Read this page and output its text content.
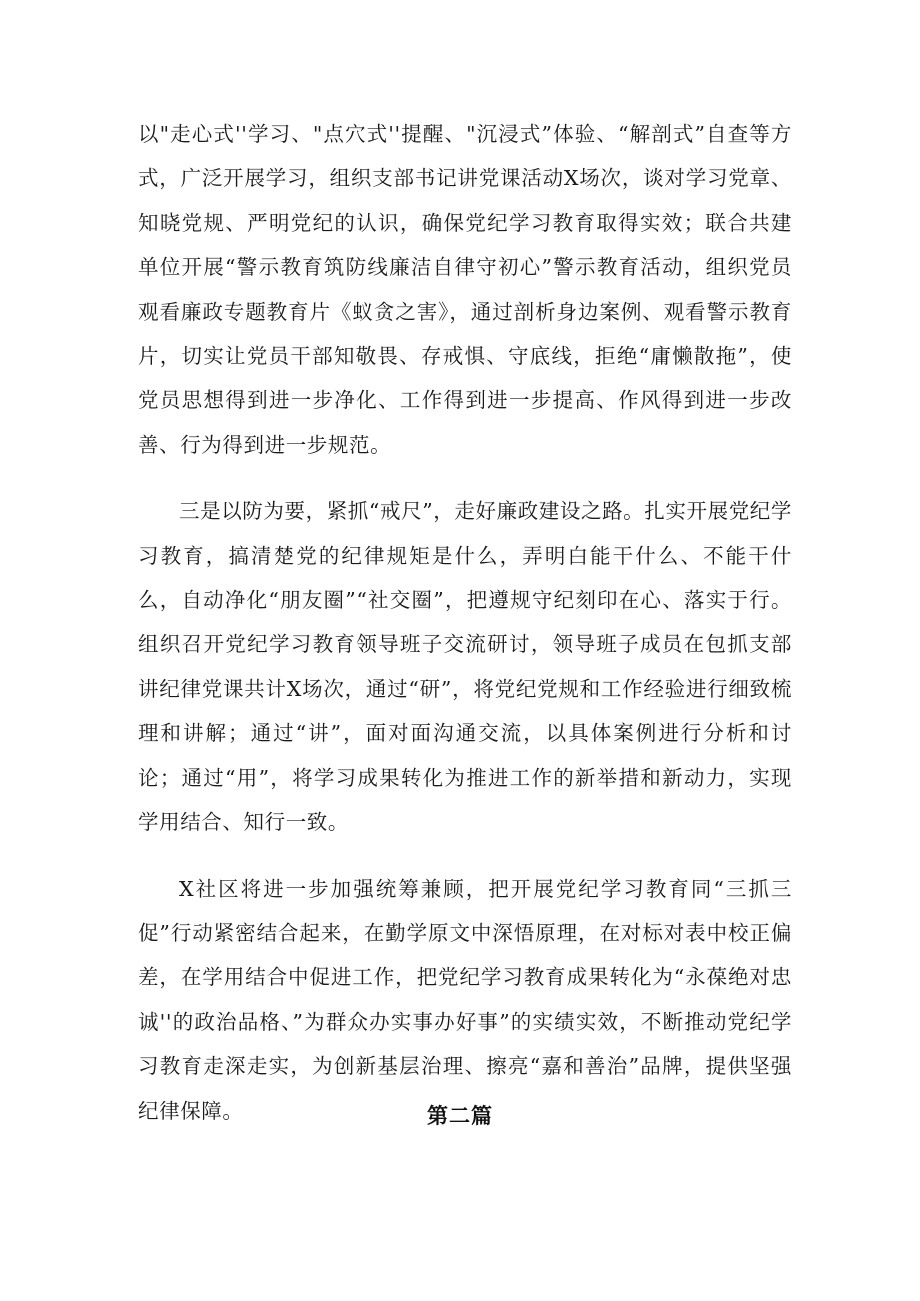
以"走心式''学习、"点穴式''提醒、"沉浸式”体验、“解剖式”自查等方式，广泛开展学习，组织支部书记讲党课活动X场次，谈对学习党章、知晓党规、严明党纪的认识，确保党纪学习教育取得实效；联合共建单位开展“警示教育筑防线廉洁自律守初心”警示教育活动，组织党员观看廉政专题教育片《蚁贪之害》，通过剖析身边案例、观看警示教育片，切实让党员干部知敬畏、存戒惧、守底线，拒绝“庸懒散拖”，使党员思想得到进一步净化、工作得到进一步提高、作风得到进一步改善、行为得到进一步规范。

三是以防为要，紧抓“戒尺”，走好廉政建设之路。扎实开展党纪学习教育，搞清楚党的纪律规矩是什么，弄明白能干什么、不能干什么，自动净化“朋友圈”“社交圈”，把遵规守纪刻印在心、落实于行。组织召开党纪学习教育领导班子交流研讨，领导班子成员在包抓支部讲纪律党课共计X场次，通过“研”，将党纪党规和工作经验进行细致梳理和讲解；通过“讲”，面对面沟通交流，以具体案例进行分析和讨论；通过“用”，将学习成果转化为推进工作的新举措和新动力，实现学用结合、知行一致。

X社区将进一步加强统筹兼顾，把开展党纪学习教育同“三抓三促”行动紧密结合起来，在勤学原文中深悟原理，在对标对表中校正偏差，在学用结合中促进工作，把党纪学习教育成果转化为“永葆绝对忠诚''的政治品格、”为群众办实事办好事”的实绩实效，不断推动党纪学习教育走深走实，为创新基层治理、擦亮“嘉和善治”品牌，提供坚强纪律保障。	第二篇
